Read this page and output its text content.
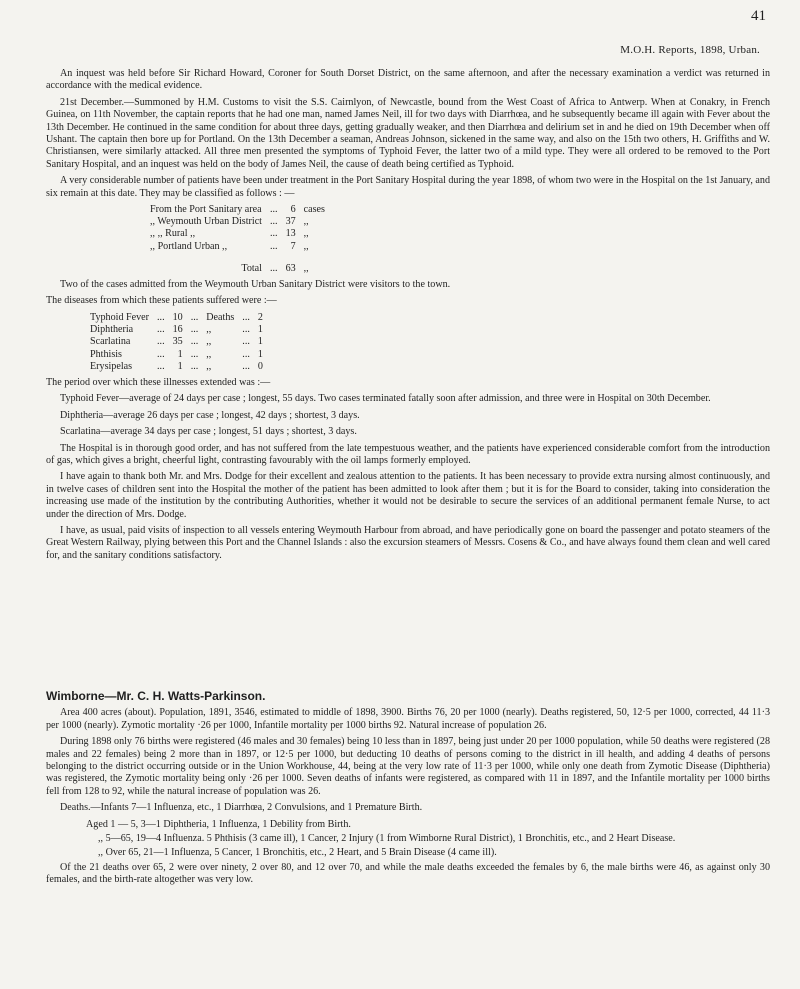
41
M.O.H. Reports, 1898, Urban.

An inquest was held before Sir Richard Howard, Coroner for South Dorset District, on the same afternoon, and after the necessary examination a verdict was returned in accordance with the medical evidence.

21st December.—Summoned by H.M. Customs to visit the S.S. Cairnlyon, of Newcastle, bound from the West Coast of Africa to Antwerp. When at Conakry, in French Guinea, on 11th November, the captain reports that he had one man, named James Neil, ill for two days with Diarrhœa, and he subsequently became ill again with Fever about the 13th December. He continued in the same condition for about three days, getting gradually weaker, and then Diarrhœa and delirium set in and he died on 19th December when off Ushant. The captain then bore up for Portland. On the 13th December a seaman, Andreas Johnson, sickened in the same way, and also on the 15th two others, H. Griffiths and W. Christiansen, were similarly attacked. All three men presented the symptoms of Typhoid Fever, the latter two of a mild type. They were all ordered to be removed to the Port Sanitary Hospital, and an inquest was held on the body of James Neil, the cause of death being certified as Typhoid.

A very considerable number of patients have been under treatment in the Port Sanitary Hospital during the year 1898, of whom two were in the Hospital on the 1st January, and six remain at this date. They may be classified as follows : —

From the Port Sanitary area	...	6	cases
,, Weymouth Urban District	...	37	,,
,, ,, Rural ,,	...	13	,,
,, Portland Urban ,,	...	7	,,
Total	...	63	,,

Two of the cases admitted from the Weymouth Urban Sanitary District were visitors to the town.

The diseases from which these patients suffered were :—

Typhoid Fever	...	10	...	Deaths	...	2
Diphtheria	...	16	...	,,	...	1
Scarlatina	...	35	...	,,	...	1
Phthisis	...	1	...	,,	...	1
Erysipelas	...	1	...	,,	...	0

The period over which these illnesses extended was :—

Typhoid Fever—average of 24 days per case ; longest, 55 days. Two cases terminated fatally soon after admission, and three were in Hospital on 30th December.

Diphtheria—average 26 days per case ; longest, 42 days ; shortest, 3 days.

Scarlatina—average 34 days per case ; longest, 51 days ; shortest, 3 days.

The Hospital is in thorough good order, and has not suffered from the late tempestuous weather, and the patients have experienced considerable comfort from the introduction of gas, which gives a bright, cheerful light, contrasting favourably with the oil lamps formerly employed.

I have again to thank both Mr. and Mrs. Dodge for their excellent and zealous attention to the patients. It has been necessary to provide extra nursing almost continuously, and in twelve cases of children sent into the Hospital the mother of the patient has been admitted to look after them ; but it is for the Board to consider, taking into consideration the increasing use made of the institution by the contributing Authorities, whether it would not be desirable to secure the services of an additional permanent female Nurse, to act under the direction of Mrs. Dodge.

I have, as usual, paid visits of inspection to all vessels entering Weymouth Harbour from abroad, and have periodically gone on board the passenger and potato steamers of the Great Western Railway, plying between this Port and the Channel Islands : also the excursion steamers of Messrs. Cosens & Co., and have always found them clean and well cared for, and the sanitary conditions satisfactory.

Wimborne—Mr. C. H. Watts-Parkinson.

Area 400 acres (about). Population, 1891, 3546, estimated to middle of 1898, 3900. Births 76, 20 per 1000 (nearly). Deaths registered, 50, 12·5 per 1000, corrected, 44 11·3 per 1000 (nearly). Zymotic mortality ·26 per 1000, Infantile mortality per 1000 births 92. Natural increase of population 26.

During 1898 only 76 births were registered (46 males and 30 females) being 10 less than in 1897, being just under 20 per 1000 population, while 50 deaths were registered (28 males and 22 females) being 2 more than in 1897, or 12·5 per 1000, but deducting 10 deaths of persons coming to the district in ill health, and adding 4 deaths of persons belonging to the district occurring outside or in the Union Workhouse, 44, being at the very low rate of 11·3 per 1000, while only one death from Zymotic Disease (Diphtheria) was registered, the Zymotic mortality being only ·26 per 1000. Seven deaths of infants were registered, as compared with 11 in 1897, and the Infantile mortality per 1000 births fell from 128 to 92, while the natural increase of population was 26.

Deaths.—Infants 7—1 Influenza, etc., 1 Diarrhœa, 2 Convulsions, and 1 Premature Birth.

Aged 1 — 5, 3—1 Diphtheria, 1 Influenza, 1 Debility from Birth.

,, 5—65, 19—4 Influenza. 5 Phthisis (3 came ill), 1 Cancer, 2 Injury (1 from Wimborne Rural District), 1 Bronchitis, etc., and 2 Heart Disease.

,, Over 65, 21—1 Influenza, 5 Cancer, 1 Bronchitis, etc., 2 Heart, and 5 Brain Disease (4 came ill).

Of the 21 deaths over 65, 2 were over ninety, 2 over 80, and 12 over 70, and while the male deaths exceeded the females by 6, the male births were 46, as against only 30 females, and the birth-rate altogether was very low.
